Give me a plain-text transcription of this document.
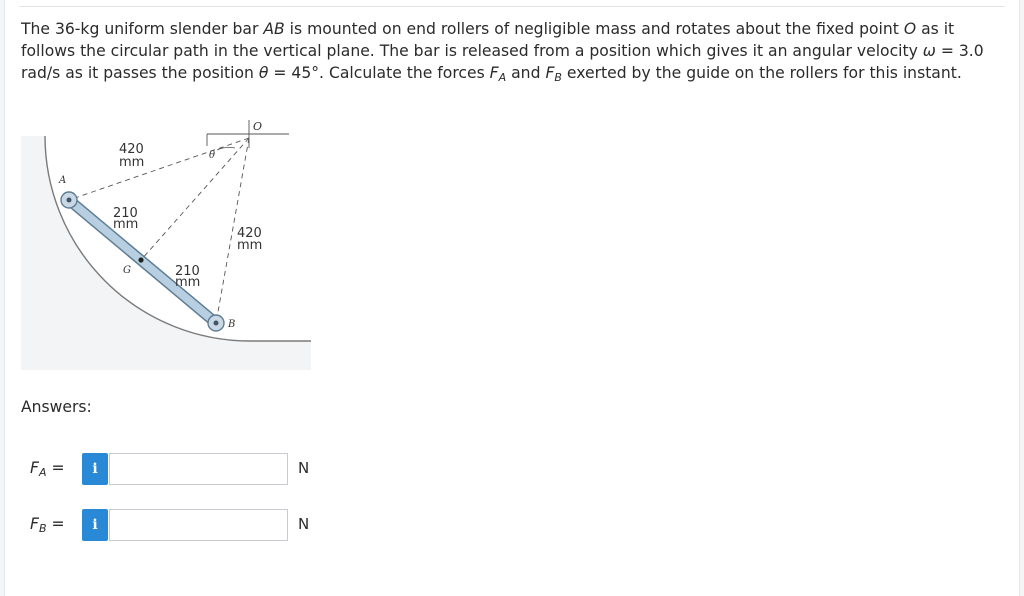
The 36-kg uniform slender bar AB is mounted on end rollers of negligible mass and rotates about the fixed point O as it follows the circular path in the vertical plane. The bar is released from a position which gives it an angular velocity ω = 3.0 rad/s as it passes the position θ = 45°. Calculate the forces $F_A$ and $F_B$ exerted by the guide on the rollers for this instant.
O
θ
A
B
G
420
mm
210
mm
420
mm
210
mm
Answers:
$F_A$ =	i	N
$F_B$ =	i	N
